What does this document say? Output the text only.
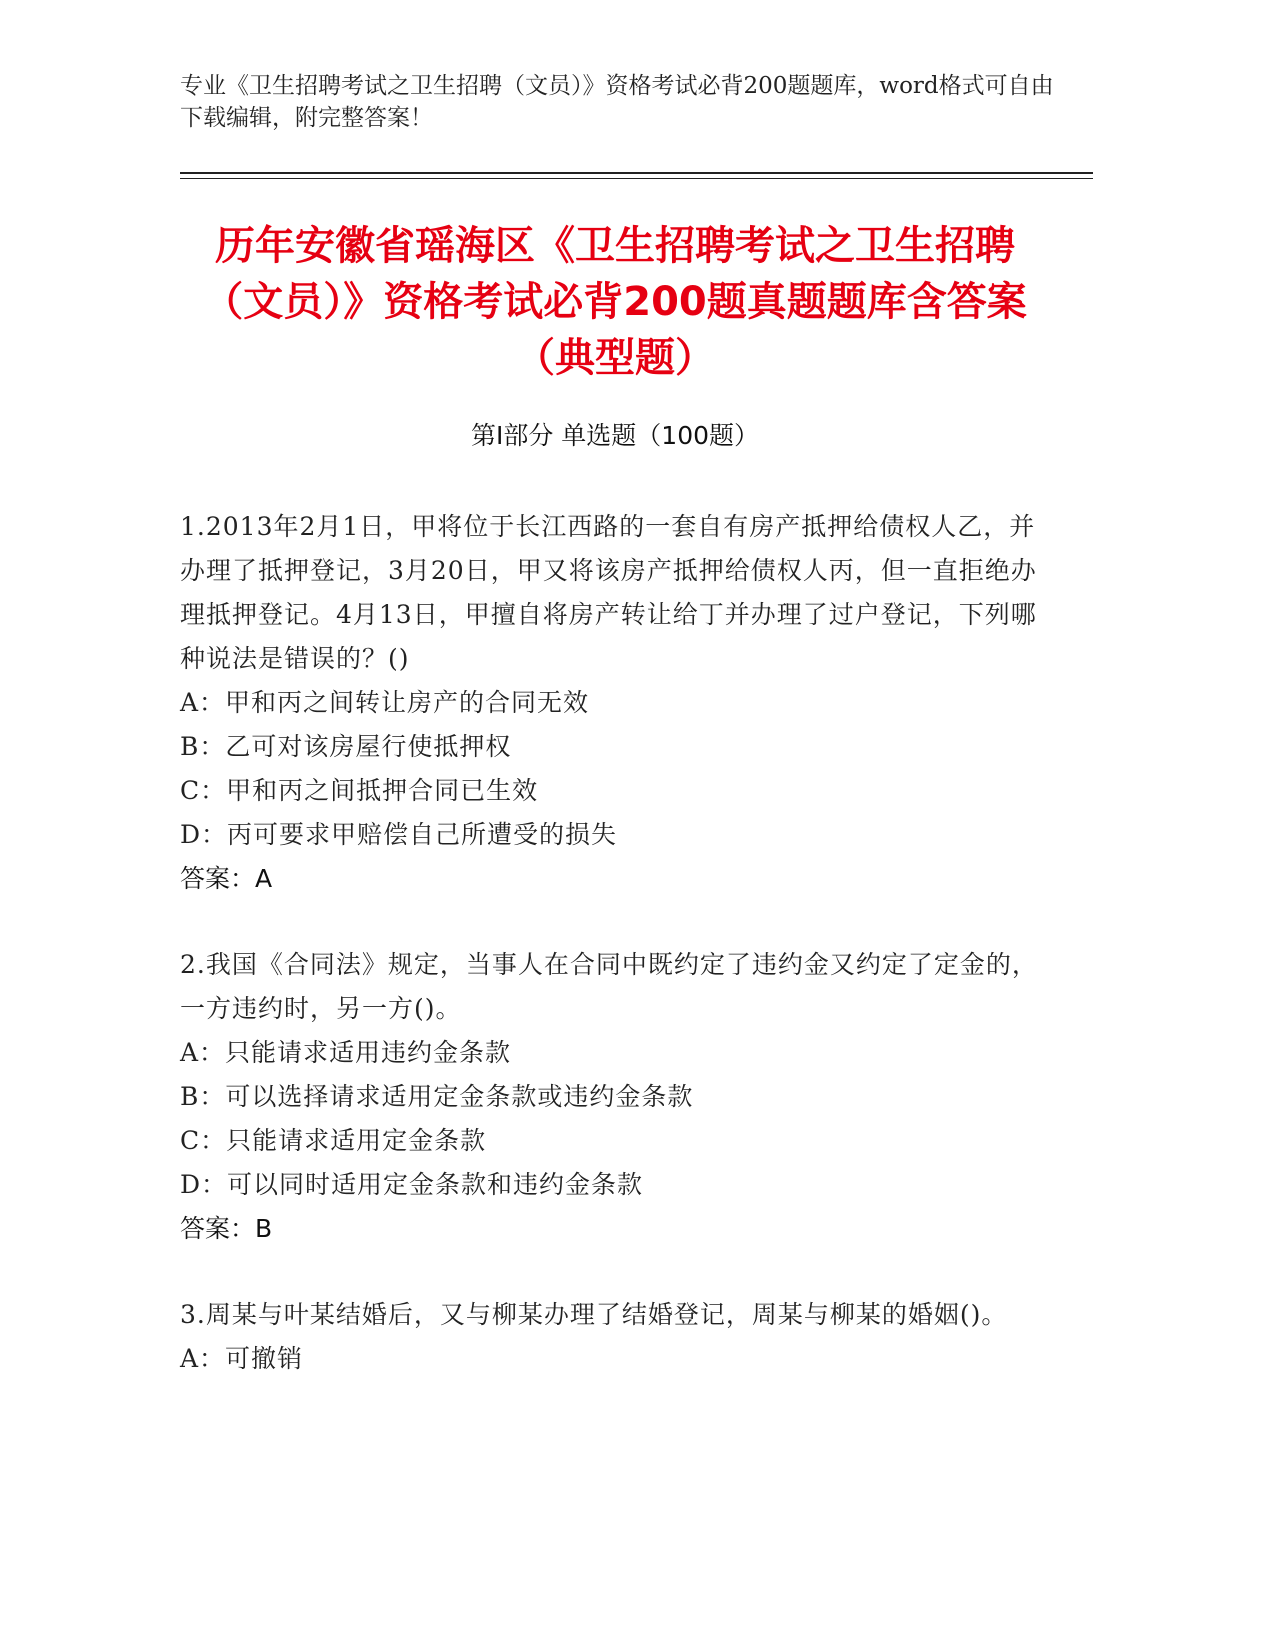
专业《卫生招聘考试之卫生招聘（文员）》资格考试必背200题题库，word格式可自由下载编辑，附完整答案！
历年安徽省瑶海区《卫生招聘考试之卫生招聘（文员）》资格考试必背200题真题题库含答案（典型题）
第Ⅰ部分 单选题（100题）
1.2013年2月1日，甲将位于长江西路的一套自有房产抵押给债权人乙，并办理了抵押登记，3月20日，甲又将该房产抵押给债权人丙，但一直拒绝办理抵押登记。4月13日，甲擅自将房产转让给丁并办理了过户登记，下列哪种说法是错误的？()
A：甲和丙之间转让房产的合同无效
B：乙可对该房屋行使抵押权
C：甲和丙之间抵押合同已生效
D：丙可要求甲赔偿自己所遭受的损失
答案：A
2.我国《合同法》规定，当事人在合同中既约定了违约金又约定了定金的，一方违约时，另一方()。
A：只能请求适用违约金条款
B：可以选择请求适用定金条款或违约金条款
C：只能请求适用定金条款
D：可以同时适用定金条款和违约金条款
答案：B
3.周某与叶某结婚后，又与柳某办理了结婚登记，周某与柳某的婚姻()。
A：可撤销
